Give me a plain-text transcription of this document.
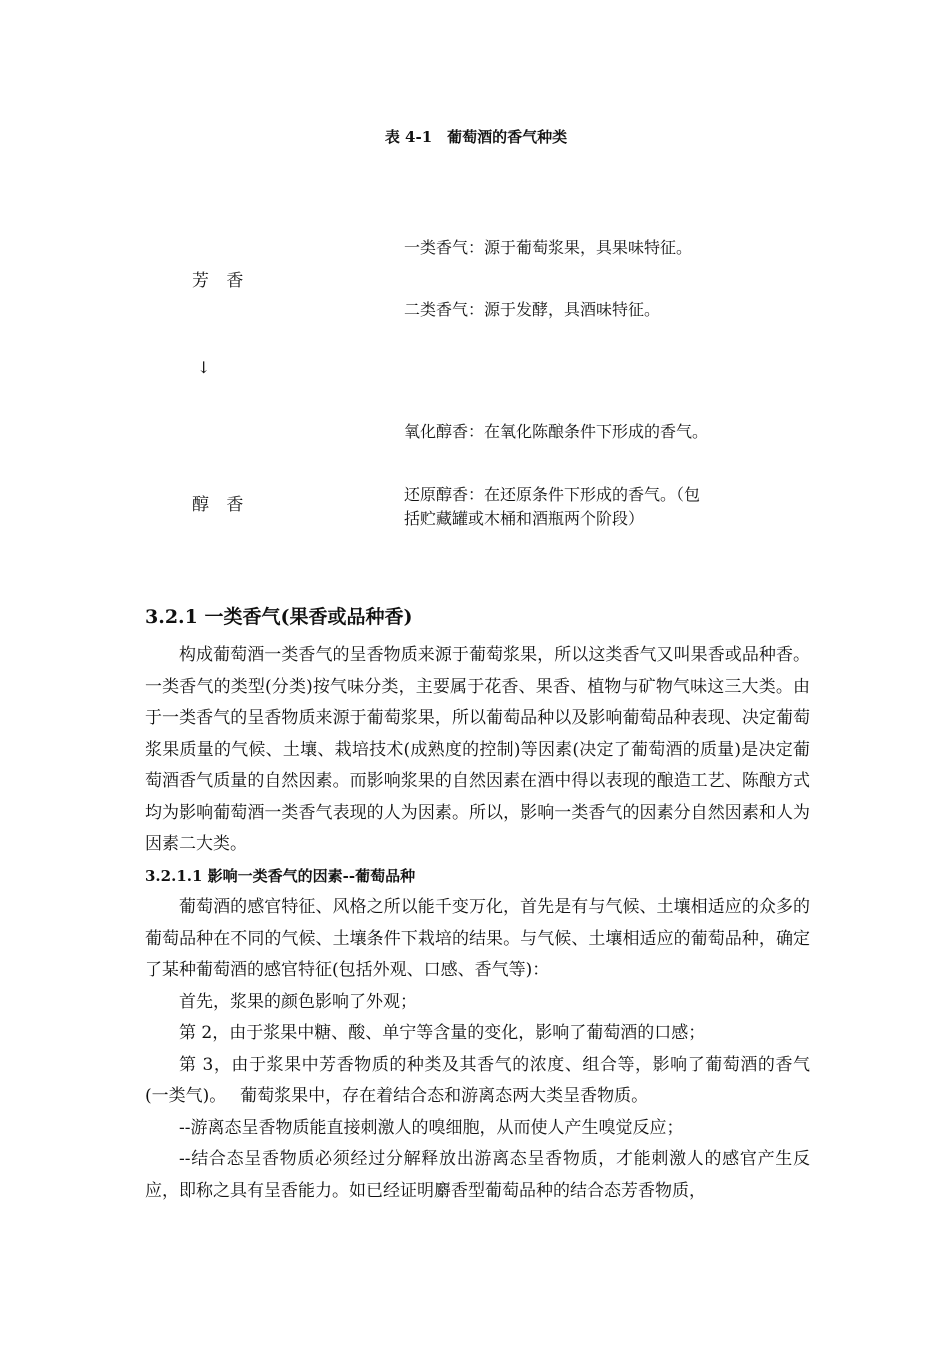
表 4-1　葡萄酒的香气种类
芳 香
↓
醇 香
一类香气：源于葡萄浆果，具果味特征。
二类香气：源于发酵，具酒味特征。
氧化醇香：在氧化陈酿条件下形成的香气。
还原醇香：在还原条件下形成的香气。（包括贮藏罐或木桶和酒瓶两个阶段）
3.2.1 一类香气(果香或品种香)

构成葡萄酒一类香气的呈香物质来源于葡萄浆果，所以这类香气又叫果香或品种香。一类香气的类型(分类)按气味分类，主要属于花香、果香、植物与矿物气味这三大类。由于一类香气的呈香物质来源于葡萄浆果，所以葡萄品种以及影响葡萄品种表现、决定葡萄浆果质量的气候、土壤、栽培技术(成熟度的控制)等因素(决定了葡萄酒的质量)是决定葡萄酒香气质量的自然因素。而影响浆果的自然因素在酒中得以表现的酿造工艺、陈酿方式均为影响葡萄酒一类香气表现的人为因素。所以，影响一类香气的因素分自然因素和人为因素二大类。

3.2.1.1 影响一类香气的因素--葡萄品种

葡萄酒的感官特征、风格之所以能千变万化，首先是有与气候、土壤相适应的众多的葡萄品种在不同的气候、土壤条件下栽培的结果。与气候、土壤相适应的葡萄品种，确定了某种葡萄酒的感官特征(包括外观、口感、香气等)：

首先，浆果的颜色影响了外观；

第 2，由于浆果中糖、酸、单宁等含量的变化，影响了葡萄酒的口感；

第 3，由于浆果中芳香物质的种类及其香气的浓度、组合等，影响了葡萄酒的香气(一类气)。　 葡萄浆果中，存在着结合态和游离态两大类呈香物质。

--游离态呈香物质能直接刺激人的嗅细胞，从而使人产生嗅觉反应；

--结合态呈香物质必须经过分解释放出游离态呈香物质，才能刺激人的感官产生反应，即称之具有呈香能力。如已经证明麝香型葡萄品种的结合态芳香物质，
